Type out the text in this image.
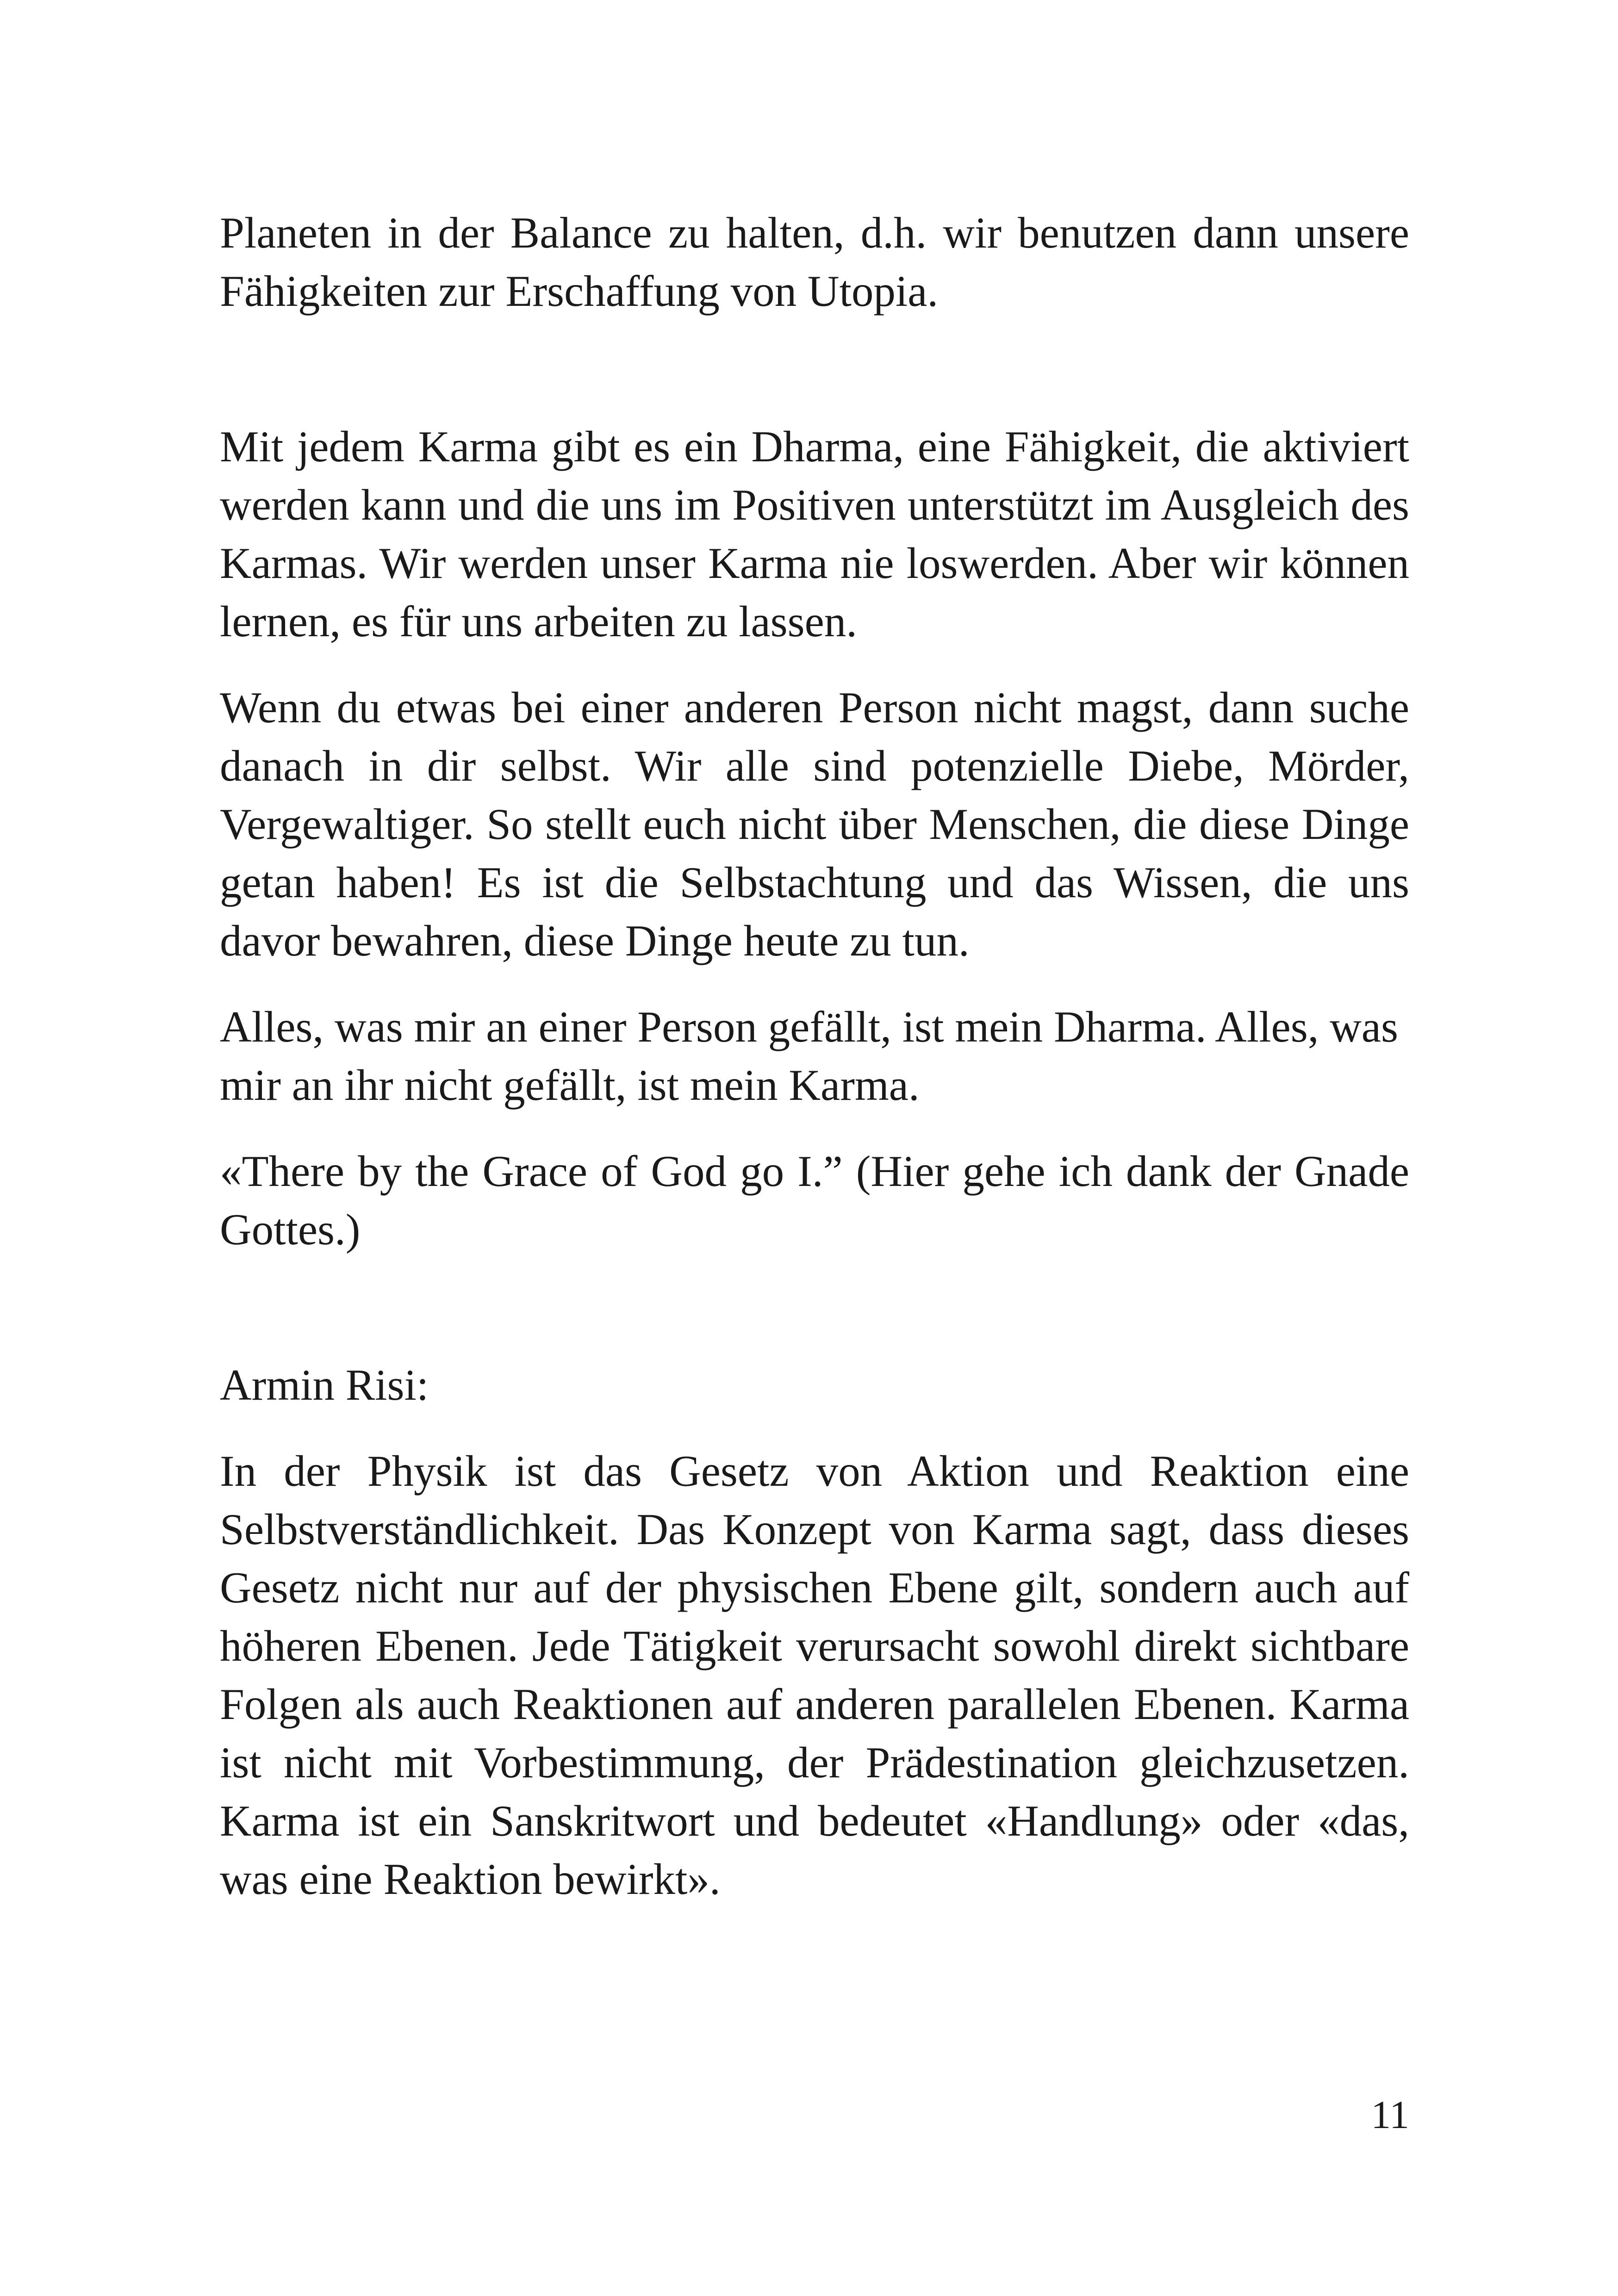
Planeten in der Balance zu halten, d.h. wir benutzen dann unsere Fähigkeiten zur Erschaffung von Utopia.

Mit jedem Karma gibt es ein Dharma, eine Fähigkeit, die aktiviert werden kann und die uns im Positiven unterstützt im Ausgleich des Karmas. Wir werden unser Karma nie loswerden. Aber wir können lernen, es für uns arbeiten zu lassen.

Wenn du etwas bei einer anderen Person nicht magst, dann suche danach in dir selbst. Wir alle sind potenzielle Diebe, Mörder, Vergewaltiger. So stellt euch nicht über Menschen, die diese Dinge getan haben! Es ist die Selbstachtung und das Wissen, die uns davor bewahren, diese Dinge heute zu tun.

Alles, was mir an einer Person gefällt, ist mein Dharma. Alles, was mir an ihr nicht gefällt, ist mein Karma.

«There by the Grace of God go I.” (Hier gehe ich dank der Gnade Gottes.)

Armin Risi:

In der Physik ist das Gesetz von Aktion und Reaktion eine Selbstverständlichkeit. Das Konzept von Karma sagt, dass dieses Gesetz nicht nur auf der physischen Ebene gilt, sondern auch auf höheren Ebenen. Jede Tätigkeit verursacht sowohl direkt sichtbare Folgen als auch Reaktionen auf anderen parallelen Ebenen. Karma ist nicht mit Vorbestimmung, der Prädestination gleichzusetzen. Karma ist ein Sanskritwort und bedeutet «Handlung» oder «das, was eine Reaktion bewirkt».

11
